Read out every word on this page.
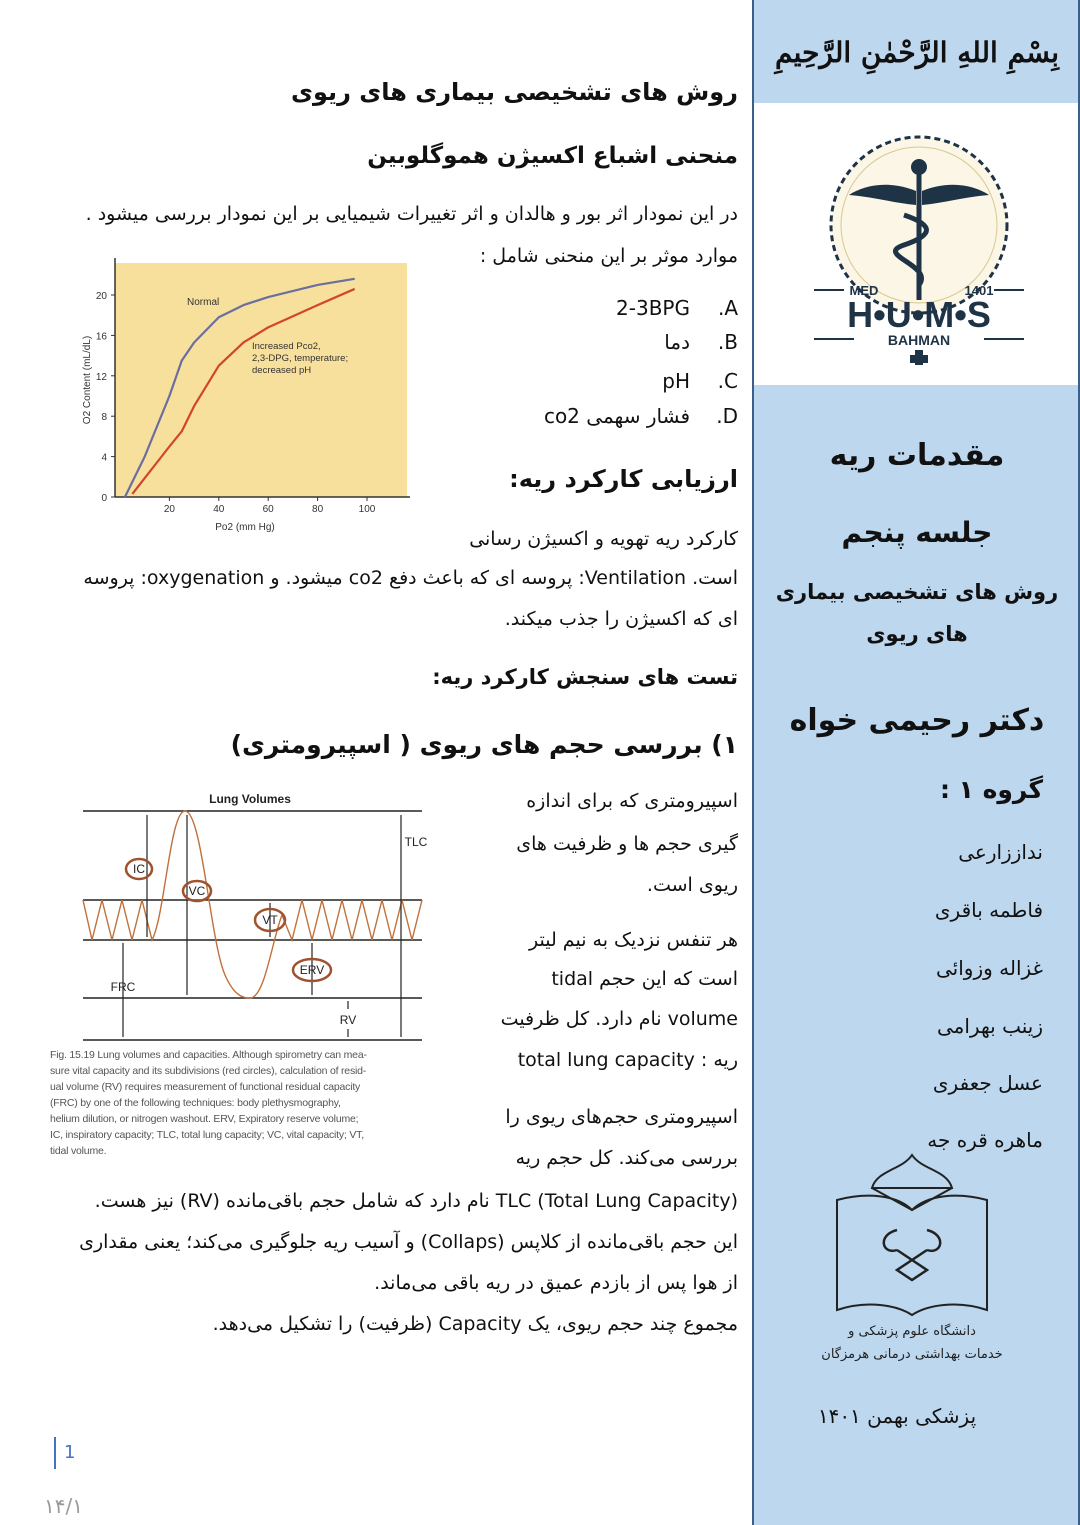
روش های تشخیصی بیماری های ریوی
منحنی اشباع اکسیژن هموگلوبین
در این نمودار اثر بور و هالدان و اثر تغییرات شیمیایی بر این نمودار بررسی میشود .
موارد موثر بر این منحنی شامل :
A.
2-3BPG
B.
دما
C.
pH
D.
فشار سهمی co2
20	40	60	80	100
0
4
8
12
16
20
Normal
Increased Pco2,
2,3-DPG, temperature;
decreased pH
Po2 (mm Hg)
O2 Content (mL/dL)
ارزیابی کارکرد ریه:
کارکرد ریه تهویه و اکسیژن رسانی
است. Ventilation: پروسه ای که باعث دفع co2 میشود. و oxygenation: پروسه
ای که اکسیژن را جذب میکند.
تست های سنجش کارکرد ریه:
۱) بررسی حجم های ریوی ( اسپیرومتری)
Lung Volumes
IC
VC
VT
ERV
FRC
RV
TLC
Fig. 15.19 Lung volumes and capacities. Although spirometry can mea-
sure vital capacity and its subdivisions (red circles), calculation of resid-
ual volume (RV) requires measurement of functional residual capacity
(FRC) by one of the following techniques: body plethysmography,
helium dilution, or nitrogen washout. ERV, Expiratory reserve volume;
IC, inspiratory capacity; TLC, total lung capacity; VC, vital capacity; VT,
tidal volume.
اسپیرومتری که برای اندازه
گیری حجم ها و ظرفیت های
ریوی است.
هر تنفس نزدیک به نیم لیتر
است که این حجم tidal
volume نام دارد. کل ظرفیت
ریه : total lung capacity
اسپیرومتری حجم‌های ریوی را
بررسی می‌کند. کل حجم ریه
(Total Lung Capacity) TLC نام دارد که شامل حجم باقی‌مانده (RV) نیز هست.
این حجم باقی‌مانده از کلاپس (Collaps) و آسیب ریه جلوگیری می‌کند؛ یعنی مقداری
از هوا پس از بازدم عمیق در ریه باقی می‌ماند.
مجموع چند حجم ریوی، یک Capacity (ظرفیت) را تشکیل می‌دهد.
1
۱۴/۱
بِسْمِ اللهِ الرَّحْمٰنِ الرَّحِيمِ
MED	1401
H•U•M•S
BAHMAN
مقدمات ریه
جلسه پنجم
روش های تشخیصی بیماری
های ریوی
دکتر رحیمی خواه
گروه ۱ :
نداززارعی
فاطمه باقری
غزاله وزوائی
زینب بهرامی
عسل جعفری
ماهره قره جه
دانشگاه علوم پزشکی و
خدمات بهداشتی درمانی هرمزگان
پزشکی بهمن ۱۴۰۱
